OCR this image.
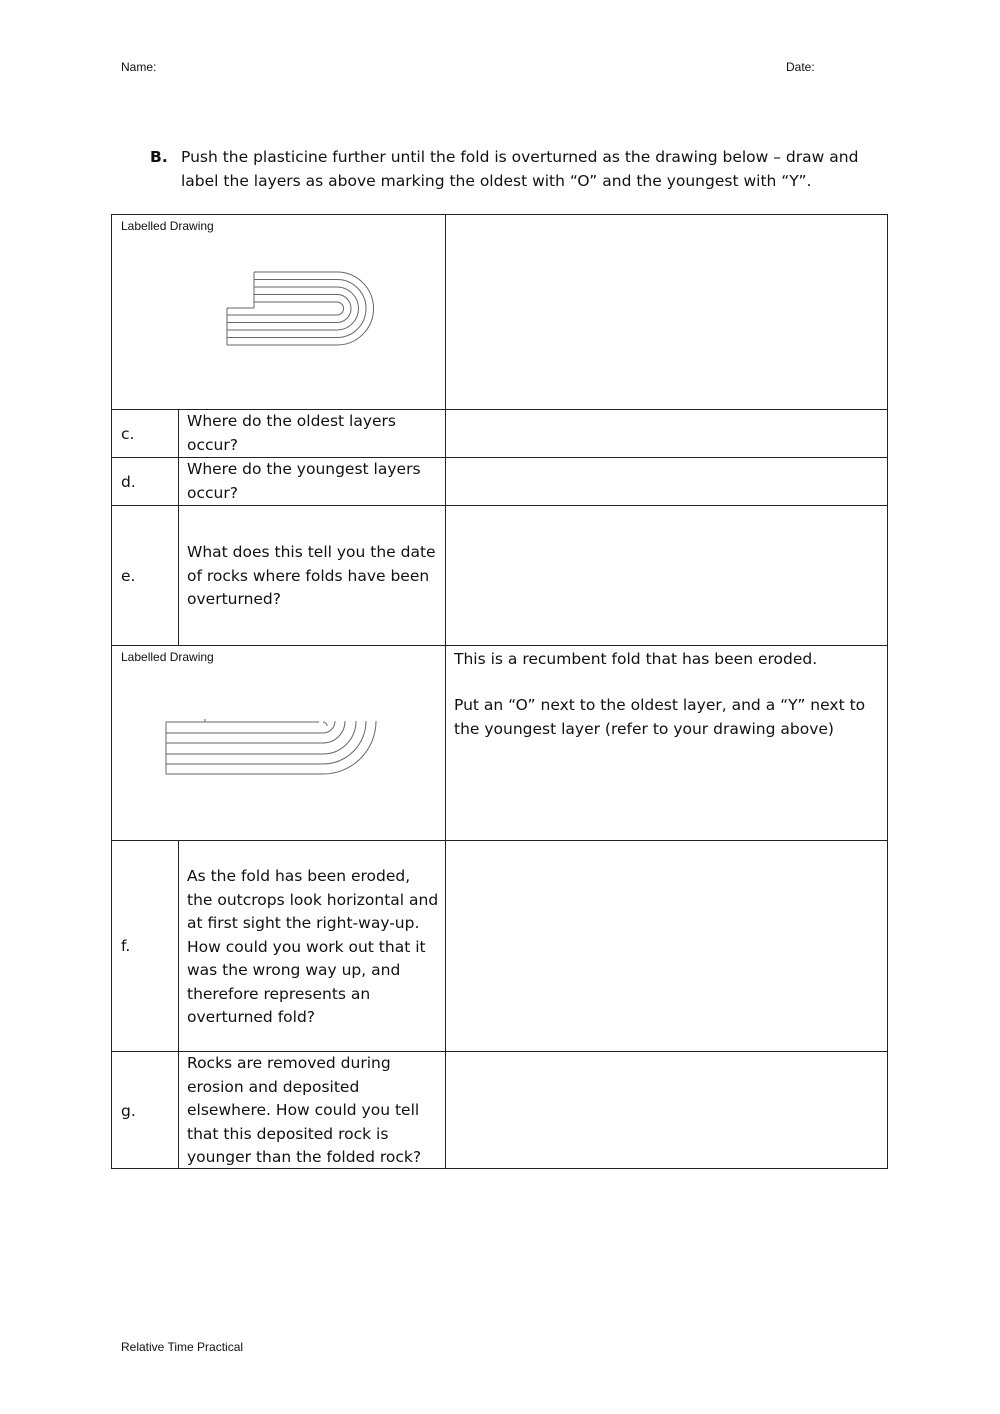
Name:	Date:
B. Push the plasticine further until the fold is overturned as the drawing below – draw and label the layers as above marking the oldest with “O” and the youngest with “Y”.
Labelled Drawing
c.
Where do the oldest layers occur?
d.
Where do the youngest layers occur?
e.
What does this tell you the date of rocks where folds have been overturned?
Labelled Drawing	This is a recumbent fold that has been eroded.
Put an “O” next to the oldest layer, and a “Y” next to the youngest layer (refer to your drawing above)
f.
As the fold has been eroded, the outcrops look horizontal and at first sight the right-way-up. How could you work out that it was the wrong way up, and therefore represents an overturned fold?
g.
Rocks are removed during erosion and deposited elsewhere. How could you tell that this deposited rock is younger than the folded rock?
Relative Time Practical
